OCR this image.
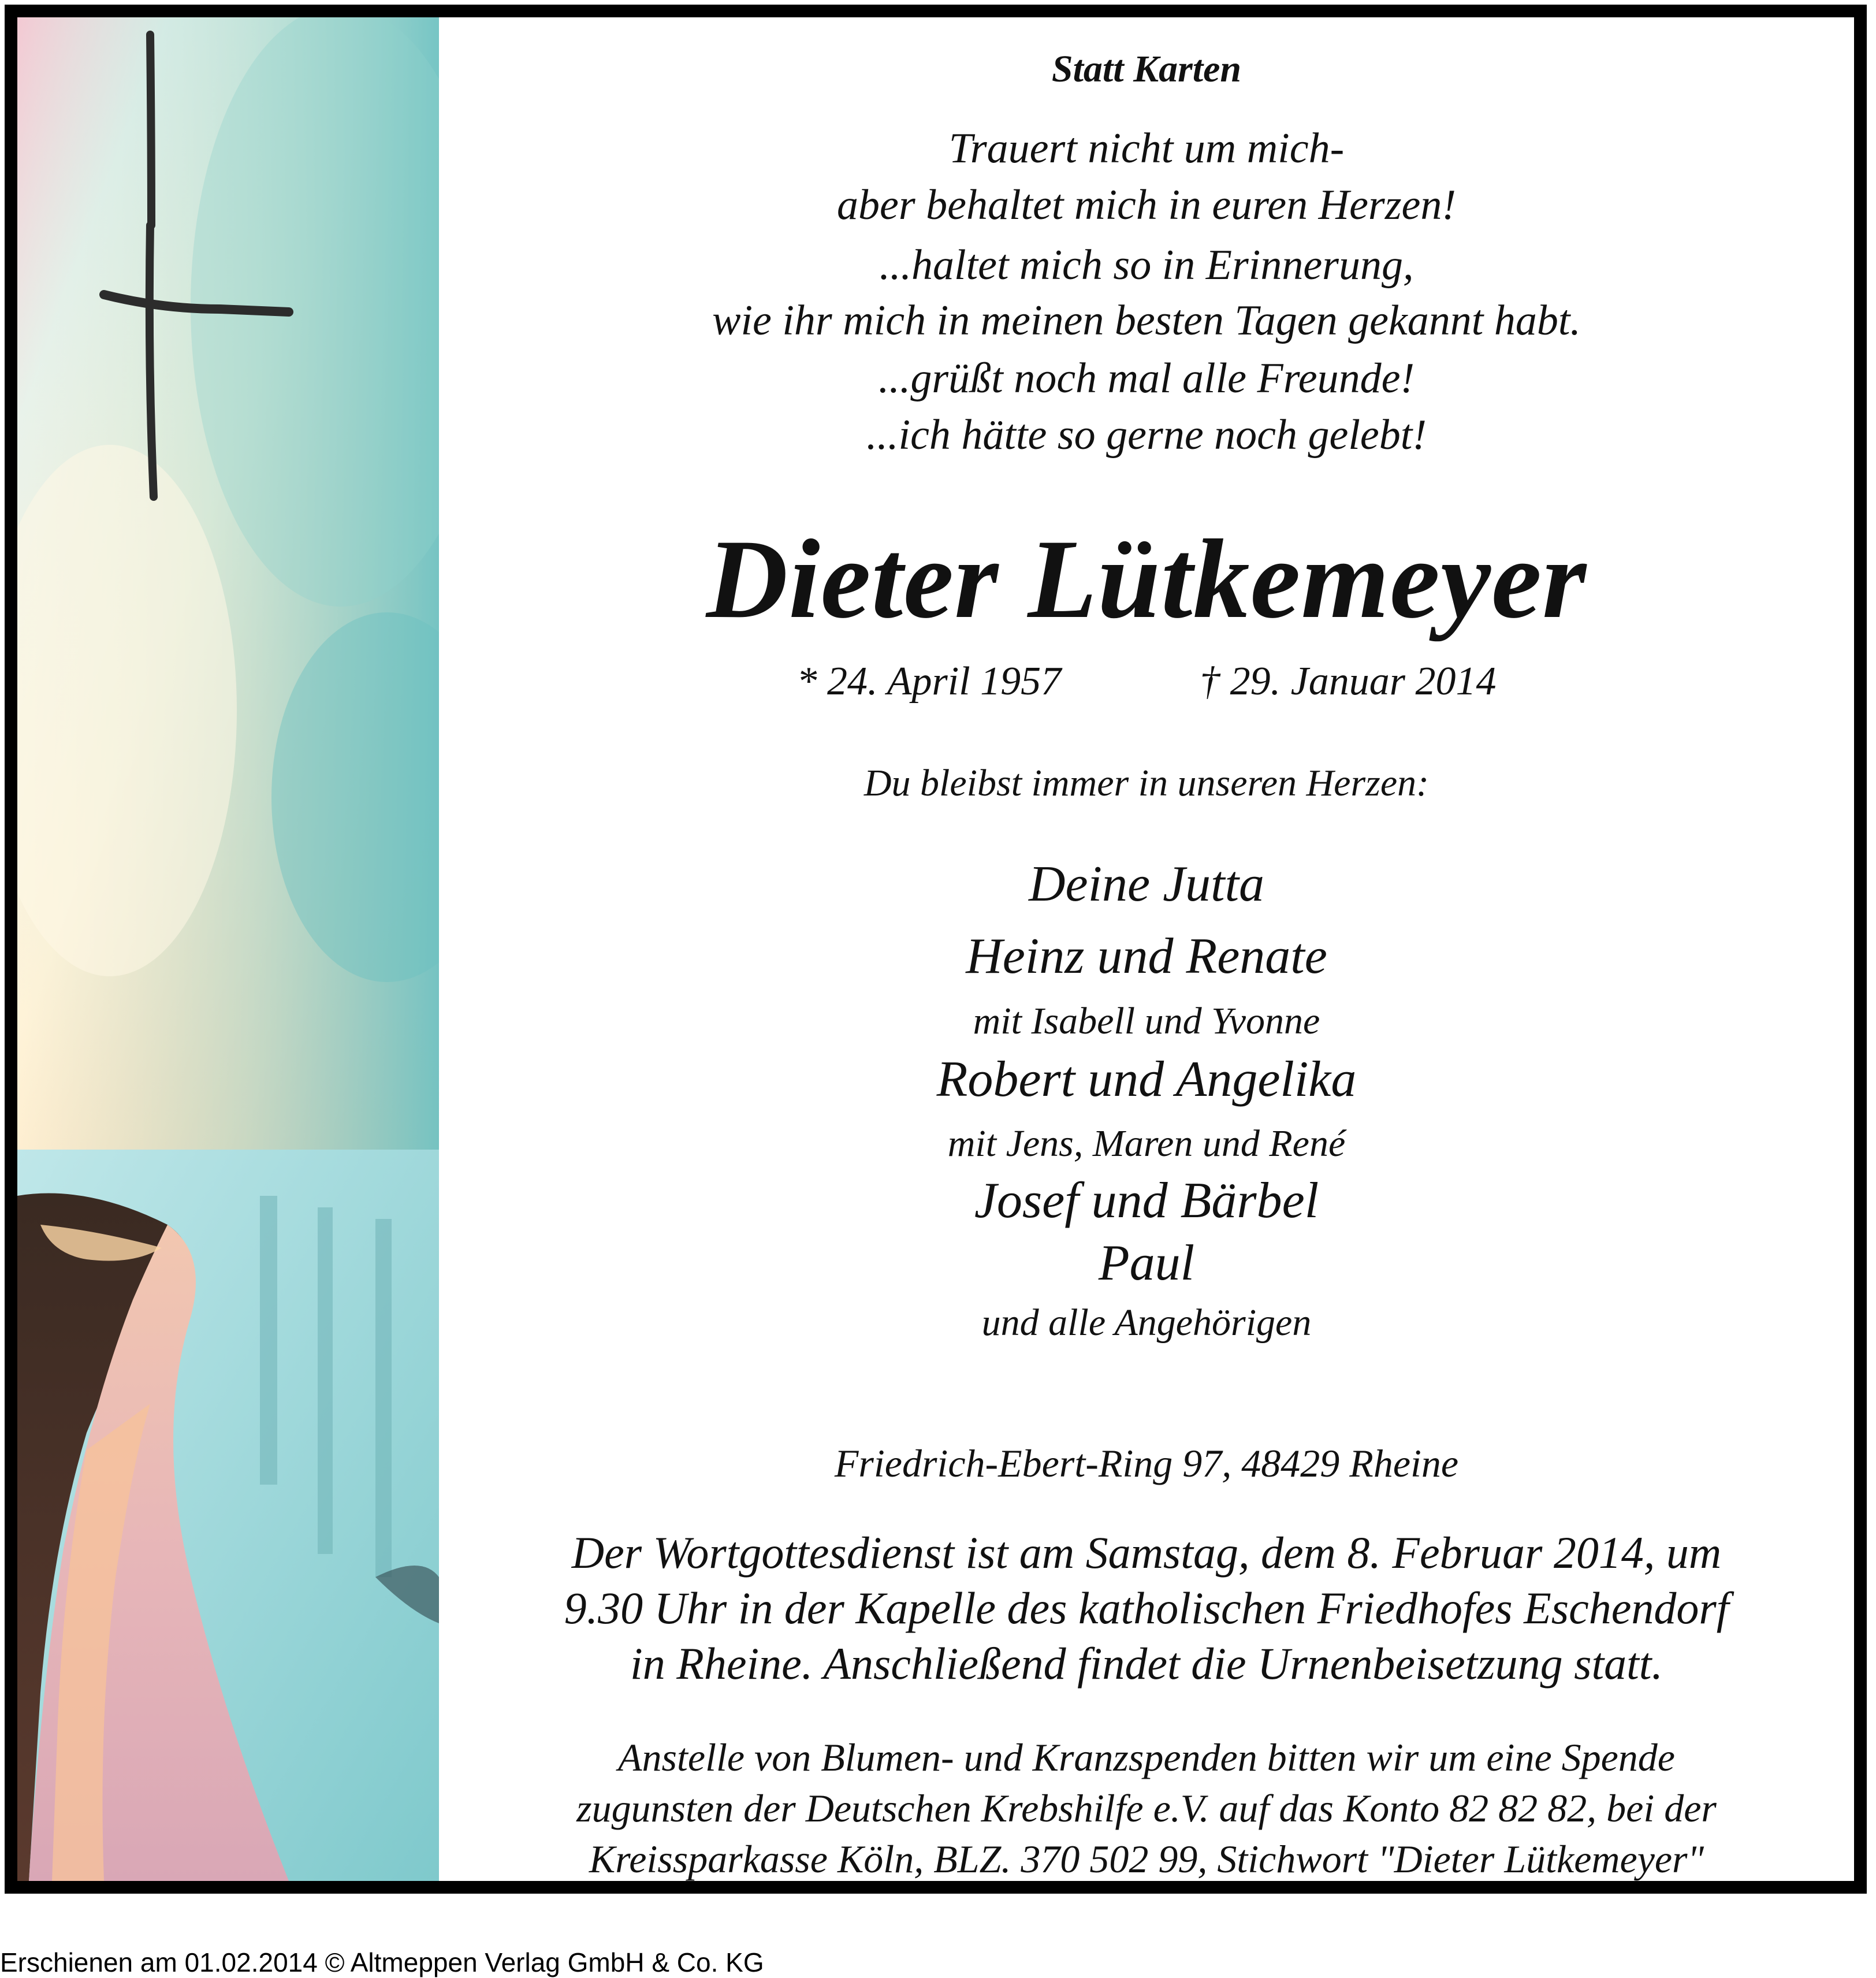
Statt Karten
Trauert nicht um mich-
aber behaltet mich in euren Herzen!
...haltet mich so in Erinnerung,
wie ihr mich in meinen besten Tagen gekannt habt.
...grüßt noch mal alle Freunde!
...ich hätte so gerne noch gelebt!
Dieter Lütkemeyer
* 24. April 1957	† 29. Januar 2014
Du bleibst immer in unseren Herzen:
Deine Jutta
Heinz und Renate
mit Isabell und Yvonne
Robert und Angelika
mit Jens, Maren und René
Josef und Bärbel
Paul
und alle Angehörigen
Friedrich-Ebert-Ring 97, 48429 Rheine
Der Wortgottesdienst ist am Samstag, dem 8. Februar 2014, um
9.30 Uhr in der Kapelle des katholischen Friedhofes Eschendorf
in Rheine. Anschließend findet die Urnenbeisetzung statt.
Anstelle von Blumen- und Kranzspenden bitten wir um eine Spende
zugunsten der Deutschen Krebshilfe e.V. auf das Konto 82 82 82, bei der
Kreissparkasse Köln, BLZ. 370 502 99, Stichwort "Dieter Lütkemeyer"
Erschienen am 01.02.2014 © Altmeppen Verlag GmbH & Co. KG
